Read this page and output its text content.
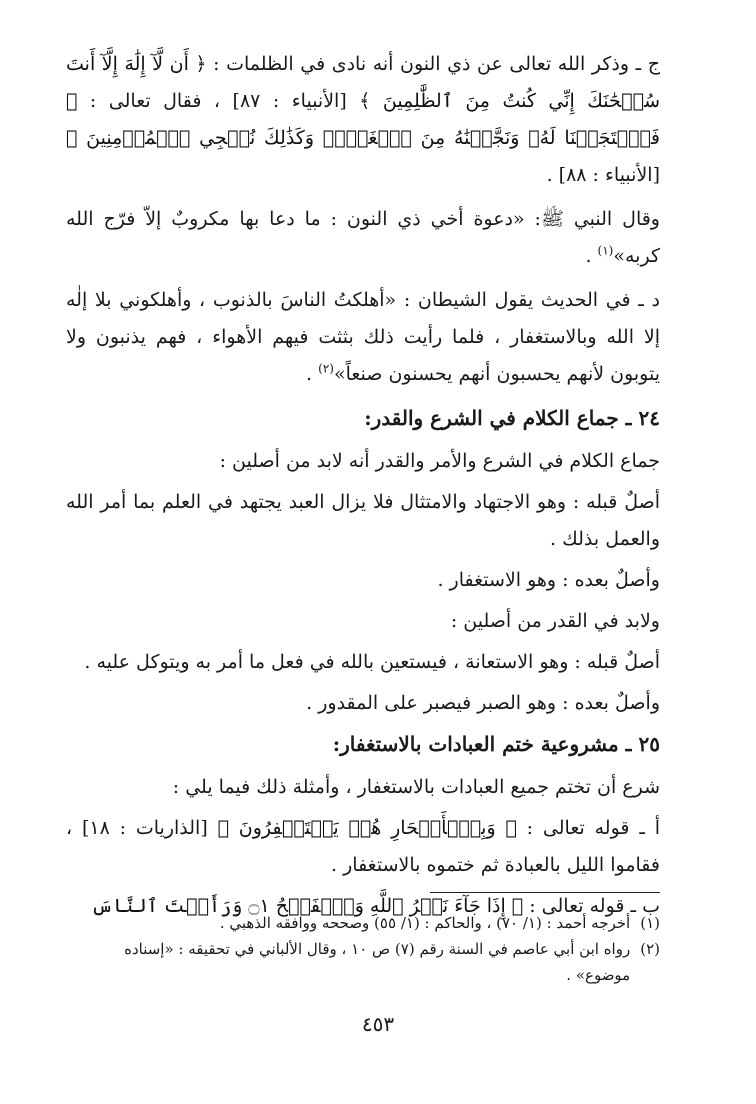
ج ـ وذكر الله تعالى عن ذي النون أنه نادى في الظلمات : ﴿ أَن لَّآ إِلَٰهَ إِلَّآ أَنتَ سُبۡحَٰنَكَ إِنِّي كُنتُ مِنَ ٱلظَّٰلِمِينَ ﴾ [الأنبياء : ٨٧] ، فقال تعالى : ﴿ فَٱسۡتَجَبۡنَا لَهُۥ وَنَجَّيۡنَٰهُ مِنَ ٱلۡغَمِّۚ وَكَذَٰلِكَ نُـۨجِي ٱلۡمُؤۡمِنِينَ ﴾ [الأنبياء : ٨٨] .

وقال النبي ﷺ: «دعوة أخي ذي النون : ما دعا بها مكروبٌ إلاّ فرّج الله كربه»$^{(١)}$ .

د ـ في الحديث يقول الشيطان : «أهلكتُ الناسَ بالذنوب ، وأهلكوني بلا إلٰه إلا الله وبالاستغفار ، فلما رأيت ذلك بثثت فيهم الأهواء ، فهم يذنبون ولا يتوبون لأنهم يحسبون أنهم يحسنون صنعاً»$^{(٢)}$ .

٢٤ ـ جماع الكلام في الشرع والقدر:

جماع الكلام في الشرع والأمر والقدر أنه لابد من أصلين :

أصلٌ قبله : وهو الاجتهاد والامتثال فلا يزال العبد يجتهد في العلم بما أمر الله والعمل بذلك .

وأصلٌ بعده : وهو الاستغفار .

ولابد في القدر من أصلين :

أصلٌ قبله : وهو الاستعانة ، فيستعين بالله في فعل ما أمر به ويتوكل عليه .

وأصلٌ بعده : وهو الصبر فيصبر على المقدور .

٢٥ ـ مشروعية ختم العبادات بالاستغفار:

شرع أن تختم جميع العبادات بالاستغفار ، وأمثلة ذلك فيما يلي :

أ ـ قوله تعالى : ﴿ وَبِٱلۡأَسۡحَارِ هُمۡ يَسۡتَغۡفِرُونَ ﴾ [الذاريات : ١٨] ، فقاموا الليل بالعبادة ثم ختموه بالاستغفار .

ب ـ قوله تعالى : ﴿ إِذَا جَآءَ نَصۡرُ ٱللَّهِ وَٱلۡفَتۡحُ ۝١ وَرَأَيۡتَ ٱلنَّاسَ

(١)
أخرجه أحمد : (١/ ٧٠) ، والحاكم : (١/ ٥٥) وصححه ووافقه الذهبي .
(٢)
رواه ابن أبي عاصم في السنة رقم (٧) ص ١٠ ، وقال الألباني في تحقيقه : «إسناده موضوع» .
٤٥٣
